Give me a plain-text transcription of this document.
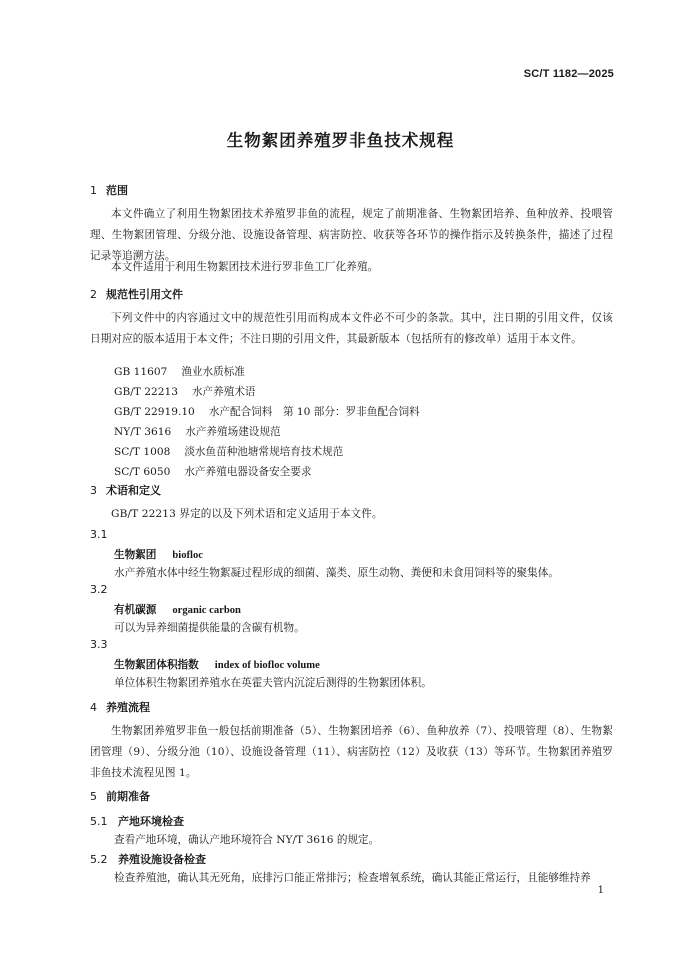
SC/T 1182—2025
生物絮团养殖罗非鱼技术规程
1 范围
本文件确立了利用生物絮团技术养殖罗非鱼的流程，规定了前期准备、生物絮团培养、鱼种放养、投喂管理、生物絮团管理、分级分池、设施设备管理、病害防控、收获等各环节的操作指示及转换条件，描述了过程记录等追溯方法。
本文件适用于利用生物絮团技术进行罗非鱼工厂化养殖。
2 规范性引用文件
下列文件中的内容通过文中的规范性引用而构成本文件必不可少的条款。其中，注日期的引用文件，仅该日期对应的版本适用于本文件；不注日期的引用文件，其最新版本（包括所有的修改单）适用于本文件。
GB 11607 渔业水质标准
GB/T 22213 水产养殖术语
GB/T 22919.10 水产配合饲料　第 10 部分：罗非鱼配合饲料
NY/T 3616 水产养殖场建设规范
SC/T 1008 淡水鱼苗种池塘常规培育技术规范
SC/T 6050 水产养殖电器设备安全要求
3 术语和定义
GB/T 22213 界定的以及下列术语和定义适用于本文件。
3.1
生物絮团 biofloc
水产养殖水体中经生物絮凝过程形成的细菌、藻类、原生动物、粪便和未食用饲料等的聚集体。
3.2
有机碳源 organic carbon
可以为异养细菌提供能量的含碳有机物。
3.3
生物絮团体积指数 index of biofloc volume
单位体积生物絮团养殖水在英霍夫管内沉淀后测得的生物絮团体积。
4 养殖流程
生物絮团养殖罗非鱼一般包括前期准备（5）、生物絮团培养（6）、鱼种放养（7）、投喂管理（8）、生物絮团管理（9）、分级分池（10）、设施设备管理（11）、病害防控（12）及收获（13）等环节。生物絮团养殖罗非鱼技术流程见图 1。
5 前期准备
5.1 产地环境检查
查看产地环境，确认产地环境符合 NY/T 3616 的规定。
5.2 养殖设施设备检查
检查养殖池，确认其无死角，底排污口能正常排污；检查增氧系统，确认其能正常运行，且能够维持养
1
